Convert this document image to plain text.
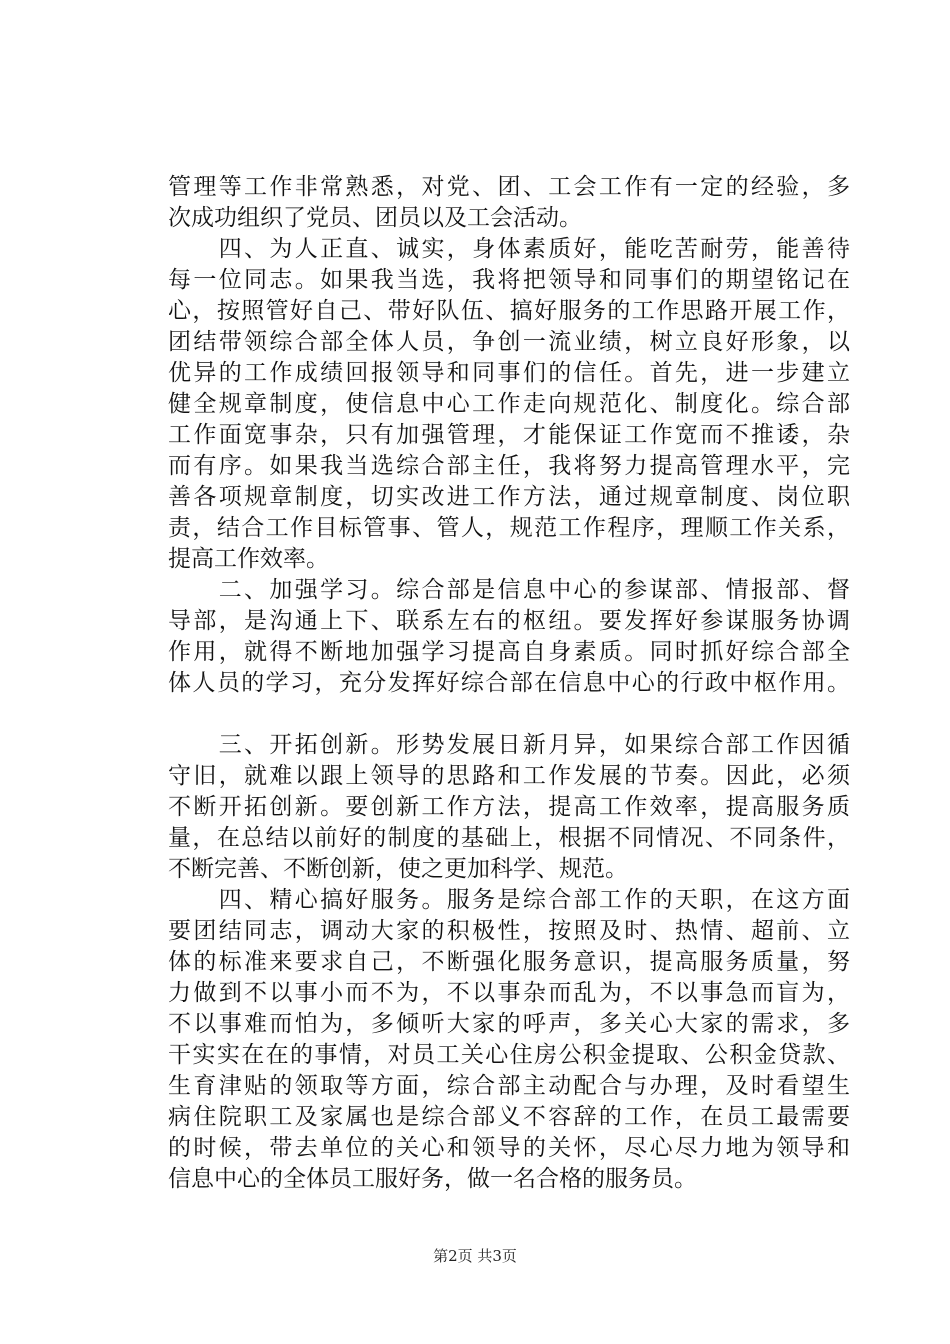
管理等工作非常熟悉，对党、团、工会工作有一定的经验，多
次成功组织了党员、团员以及工会活动。
　　四、为人正直、诚实，身体素质好，能吃苦耐劳，能善待
每一位同志。如果我当选，我将把领导和同事们的期望铭记在
心，按照管好自己、带好队伍、搞好服务的工作思路开展工作，
团结带领综合部全体人员，争创一流业绩，树立良好形象，以
优异的工作成绩回报领导和同事们的信任。首先，进一步建立
健全规章制度，使信息中心工作走向规范化、制度化。综合部
工作面宽事杂，只有加强管理，才能保证工作宽而不推诿，杂
而有序。如果我当选综合部主任，我将努力提高管理水平，完
善各项规章制度，切实改进工作方法，通过规章制度、岗位职
责，结合工作目标管事、管人，规范工作程序，理顺工作关系，
提高工作效率。
　　二、加强学习。综合部是信息中心的参谋部、情报部、督
导部，是沟通上下、联系左右的枢纽。要发挥好参谋服务协调
作用，就得不断地加强学习提高自身素质。同时抓好综合部全
体人员的学习，充分发挥好综合部在信息中心的行政中枢作用。
　　三、开拓创新。形势发展日新月异，如果综合部工作因循
守旧，就难以跟上领导的思路和工作发展的节奏。因此，必须
不断开拓创新。要创新工作方法，提高工作效率，提高服务质
量，在总结以前好的制度的基础上，根据不同情况、不同条件，
不断完善、不断创新，使之更加科学、规范。
　　四、精心搞好服务。服务是综合部工作的天职，在这方面
要团结同志，调动大家的积极性，按照及时、热情、超前、立
体的标准来要求自己，不断强化服务意识，提高服务质量，努
力做到不以事小而不为，不以事杂而乱为，不以事急而盲为，
不以事难而怕为，多倾听大家的呼声，多关心大家的需求，多
干实实在在的事情，对员工关心住房公积金提取、公积金贷款、
生育津贴的领取等方面，综合部主动配合与办理，及时看望生
病住院职工及家属也是综合部义不容辞的工作，在员工最需要
的时候，带去单位的关心和领导的关怀，尽心尽力地为领导和
信息中心的全体员工服好务，做一名合格的服务员。
第2页 共3页
